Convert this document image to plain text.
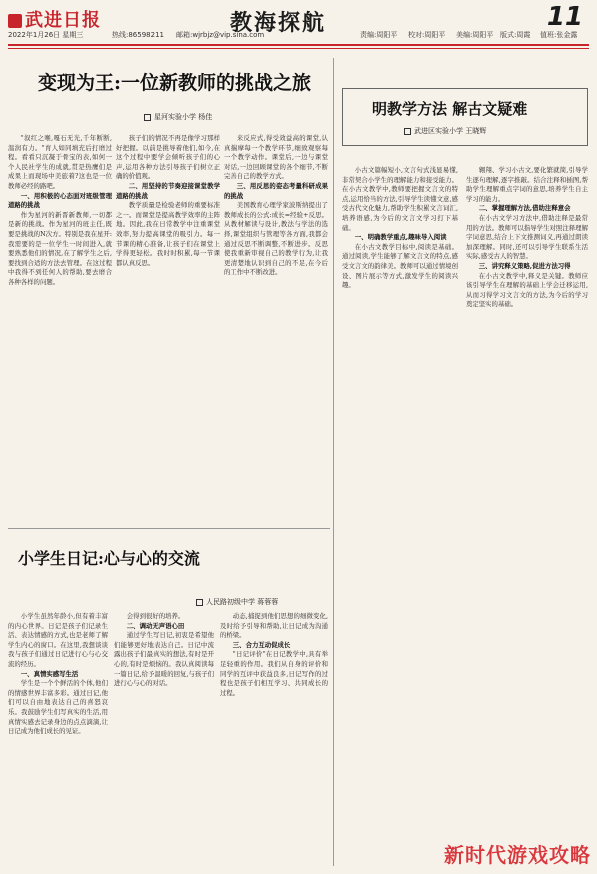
武进日报	教海探航	11
2022年1月26日 星期三	热线:86598211 邮箱:wjrbjz@vip.sina.com	责编:周阳平 校对:周阳平 美编:周阳平 版式:周霞 值班:张金露
变现为王:一位新教师的挑战之旅
星河实验小学 杨佳

"叙红之喉,嘎石无光,千年断断,温润有力。"育人如同填充后打磨过程。看看只沉凝于骨宝的表,如何一个人民社学生的成就,贯是热鹰们是成果上而现场中美旅着?这也是一位教师必经的路吧。

一、用积极的心态面对班级管理道路的挑战

作为星河的新晋新教师,一切都是新的挑战。作为星河的班主任,既要是挑战的N次方。特别是我在星开:我需要的是一位学生一时间进入,就要熟悉他们的情况,在了解学生之后,要找到合适的方法去管理。在这过程中我得不到任何人的帮助,要去磨合各种各样的问题。

孩子们的情况不再是像学习那样好把握。以前是挑导着他们,如今,在这个过程中要学会倾听孩子们的心声,运用各种方法引导孩子们树立正确的价值观。

二、用坚持的节奏迎接课堂教学道路的挑战

教学质量是检验老师的重要标准之一。而课堂是提高教学效率的主阵地。因此,我在日常教学中注重课堂效率,努力提高课堂的吸引力。每一节课的精心准备,让孩子们在课堂上学得更轻松。我时时积累,每一节课都认真反思。

来反应式,得受效益高的课堂,认真揣摩每一个教学环节,细致观察每一个教学动作。课堂后,一边与课堂对话,一边回顾课堂的各个细节,不断完善自己的教学方式。

三、用反思的姿态考量科研成果的挑战

美国教育心理学家波斯纳提出了教师成长的公式:成长=经验+反思。从教材解读与设计,教法与学法的选择,课堂组织与管理等各方面,我都会通过反思不断调整,不断进步。反思使我重新审视自己的教学行为,让我更清楚地认识到自己的不足,在今后的工作中不断改进。

小学生日记:心与心的交流
人民路初级中学 蒋蓉蓉

小学生虽然年龄小,但有着丰富的内心世界。日记是孩子们记录生活、表达情感的方式,也是老师了解学生内心的窗口。在这里,我想谈谈我与孩子们通过日记进行心与心交流的经历。

一、真情实感写生活

学生是一个个鲜活的个体,他们的情感世界丰富多彩。通过日记,他们可以自由地表达自己的喜怒哀乐。我鼓励学生们写真实的生活,用真情实感去记录身边的点点滴滴,让日记成为他们成长的见证。

会得到很好的培养。

二、调动无声语心田

通过学生写日记,初衷是希望他们能够更好地表达自己。日记中流露出孩子们最真实的想法,有时是开心的,有时是烦恼的。我认真阅读每一篇日记,给予温暖的回复,与孩子们进行心与心的对话。

动态,捕捉到他们思想的细微变化,及时给予引导和帮助,让日记成为沟通的桥梁。

三、合力互动促成长

"日记评价"在日记教学中,具有举足轻重的作用。我们从自身的评价和同学的互评中获益良多,日记写作的过程也是孩子们相互学习、共同成长的过程。

明教学方法 解古文疑难
武进区实验小学 王晓辉

小古文篇幅短小,文言句式浅显易懂,非常契合小学生的理解能力和接受能力。在小古文教学中,教师要把握文言文的特点,运用恰当的方法,引导学生读懂文意,感受古代文化魅力,帮助学生积累文言词汇,培养语感,为今后的文言文学习打下基础。

一、明确教学重点,趣味导入阅读

在小古文教学目标中,阅读是基础。通过阅读,学生能够了解文言文的特点,感受文言文的韵律美。教师可以通过情境创设、图片展示等方式,激发学生的阅读兴趣。

翱翔、学习小古文,要化繁就简,引导学生逐句理解,逐字推敲。结合注释和插图,帮助学生理解重点字词的意思,培养学生自主学习的能力。

二、掌握理解方法,借助注释意会

在小古文学习方法中,借助注释是最常用的方法。教师可以指导学生对照注释理解字词意思,结合上下文推测词义,再通过朗读加深理解。同时,还可以引导学生联系生活实际,感受古人的智慧。

三、讲究释义策略,促进方法习得

在小古文教学中,释义是关键。教师应该引导学生在理解的基础上学会迁移运用,从而习得学习文言文的方法,为今后的学习奠定坚实的基础。

新时代游戏攻略
